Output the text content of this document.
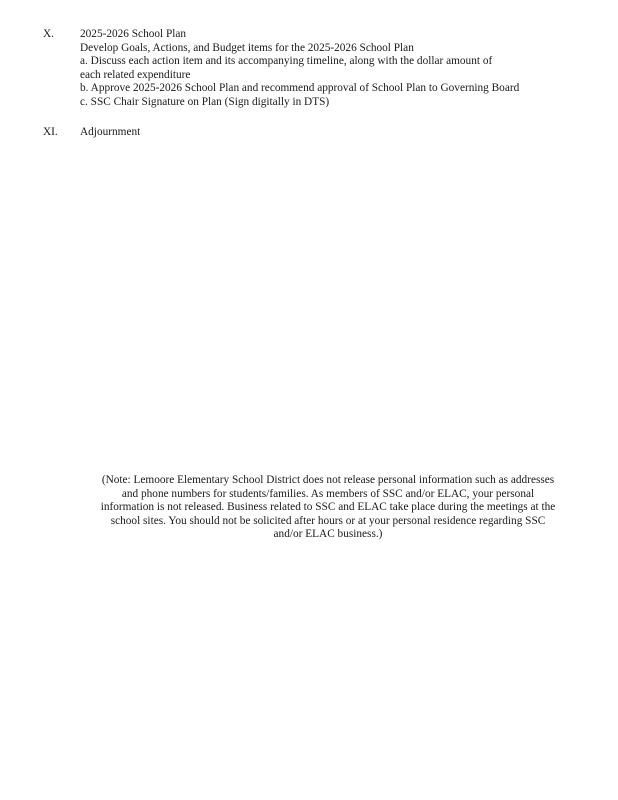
X.	2025-2026 School Plan
Develop Goals, Actions, and Budget items for the 2025-2026 School Plan
a. Discuss each action item and its accompanying timeline, along with the dollar amount of
each related expenditure
b. Approve 2025-2026 School Plan and recommend approval of School Plan to Governing Board
c. SSC Chair Signature on Plan (Sign digitally in DTS)
XI.	Adjournment
(Note: Lemoore Elementary School District does not release personal information such as addresses
and phone numbers for students/families. As members of SSC and/or ELAC, your personal
information is not released. Business related to SSC and ELAC take place during the meetings at the
school sites. You should not be solicited after hours or at your personal residence regarding SSC
and/or ELAC business.)
